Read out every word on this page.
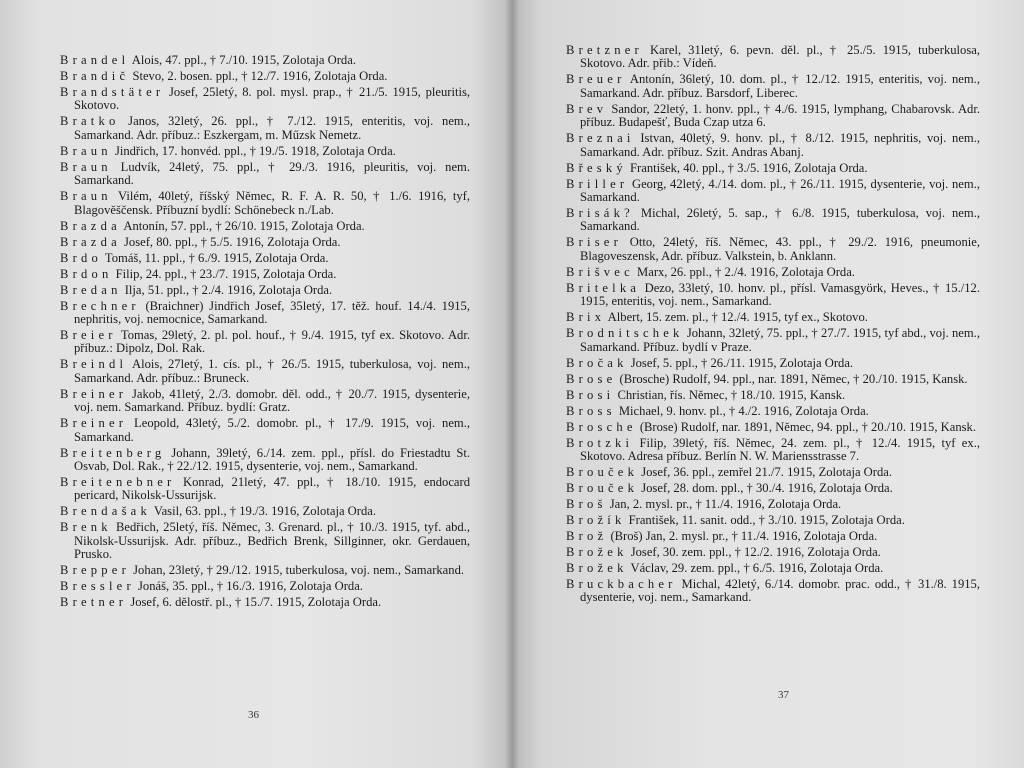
Brandel Alois, 47. ppl., † 7./10. 1915, Zolotaja Orda.
Brandič Stevo, 2. bosen. ppl., † 12./7. 1916, Zolotaja Orda.
Brandstäter Josef, 25letý, 8. pol. mysl. prap., † 21./5. 1915, pleuritis, Skotovo.
Bratko Janos, 32letý, 26. ppl., † 7./12. 1915, enteritis, voj. nem., Samarkand. Adr. příbuz.: Eszkergam, m. Műzsk Nemetz.
Braun Jindřich, 17. honvéd. ppl., † 19./5. 1918, Zolotaja Orda.
Braun Ludvík, 24letý, 75. ppl., † 29./3. 1916, pleuritis, voj. nem. Samarkand.
Braun Vilém, 40letý, říšský Němec, R. F. A. R. 50, † 1./6. 1916, tyf, Blagověščensk. Příbuzní bydlí: Schönebeck n./Lab.
Brazda Antonín, 57. ppl., † 26/10. 1915, Zolotaja Orda.
Brazda Josef, 80. ppl., † 5./5. 1916, Zolotaja Orda.
Brdo Tomáš, 11. ppl., † 6./9. 1915, Zolotaja Orda.
Brdon Filip, 24. ppl., † 23./7. 1915, Zolotaja Orda.
Bredan Ilja, 51. ppl., † 2./4. 1916, Zolotaja Orda.
Brechner (Braichner) Jindřich Josef, 35letý, 17. těž. houf. 14./4. 1915, nephritis, voj. nemocnice, Samarkand.
Breier Tomas, 29letý, 2. pl. pol. houf., † 9./4. 1915, tyf ex. Skotovo. Adr. příbuz.: Dipolz, Dol. Rak.
Breindl Alois, 27letý, 1. cís. pl., † 26./5. 1915, tuberkulosa, voj. nem., Samarkand. Adr. příbuz.: Bruneck.
Breiner Jakob, 41letý, 2./3. domobr. děl. odd., † 20./7. 1915, dysenterie, voj. nem. Samarkand. Příbuz. bydlí: Gratz.
Breiner Leopold, 43letý, 5./2. domobr. pl., † 17./9. 1915, voj. nem., Samarkand.
Breitenberg Johann, 39letý, 6./14. zem. ppl., přísl. do Friestadtu St. Osvab, Dol. Rak., † 22./12. 1915, dysenterie, voj. nem., Samarkand.
Breitenebner Konrad, 21letý, 47. ppl., † 18./10. 1915, endocard pericard, Nikolsk-Ussurijsk.
Brendašak Vasil, 63. ppl., † 19./3. 1916, Zolotaja Orda.
Brenk Bedřich, 25letý, říš. Němec, 3. Grenard. pl., † 10./3. 1915, tyf. abd., Nikolsk-Ussurijsk. Adr. příbuz., Bedřich Brenk, Sillginner, okr. Gerdauen, Prusko.
Brepper Johan, 23letý, † 29./12. 1915, tuberkulosa, voj. nem., Samarkand.
Bressler Jonáš, 35. ppl., † 16./3. 1916, Zolotaja Orda.
Bretner Josef, 6. dělostř. pl., † 15./7. 1915, Zolotaja Orda.
36
Bretzner Karel, 31letý, 6. pevn. děl. pl., † 25./5. 1915, tuberkulosa, Skotovo. Adr. přib.: Vídeň.
Breuer Antonín, 36letý, 10. dom. pl., † 12./12. 1915, enteritis, voj. nem., Samarkand. Adr. příbuz. Barsdorf, Liberec.
Brev Sandor, 22letý, 1. honv. ppl., † 4./6. 1915, lymphang, Chabarovsk. Adr. příbuz. Budapešť, Buda Czap utza 6.
Breznai Istvan, 40letý, 9. honv. pl., † 8./12. 1915, nephritis, voj. nem., Samarkand. Adr. příbuz. Szit. Andras Abanj.
Břeský František, 40. ppl., † 3./5. 1916, Zolotaja Orda.
Briller Georg, 42letý, 4./14. dom. pl., † 26./11. 1915, dysenterie, voj. nem., Samarkand.
Brisák? Michal, 26letý, 5. sap., † 6./8. 1915, tuberkulosa, voj. nem., Samarkand.
Briser Otto, 24letý, říš. Němec, 43. ppl., † 29./2. 1916, pneumonie, Blagoveszensk, Adr. příbuz. Valkstein, b. Anklann.
Brišvec Marx, 26. ppl., † 2./4. 1916, Zolotaja Orda.
Britelka Dezo, 33letý, 10. honv. pl., přísl. Vamasgyörk, Heves., † 15./12. 1915, enteritis, voj. nem., Samarkand.
Brix Albert, 15. zem. pl., † 12./4. 1915, tyf ex., Skotovo.
Brodnitschek Johann, 32letý, 75. ppl., † 27./7. 1915, tyf abd., voj. nem., Samarkand. Příbuz. bydlí v Praze.
Bročak Josef, 5. ppl., † 26./11. 1915, Zolotaja Orda.
Brose (Brosche) Rudolf, 94. ppl., nar. 1891, Němec, † 20./10. 1915, Kansk.
Brosi Christian, řís. Němec, † 18./10. 1915, Kansk.
Bross Michael, 9. honv. pl., † 4./2. 1916, Zolotaja Orda.
Brosche (Brose) Rudolf, nar. 1891, Němec, 94. ppl., † 20./10. 1915, Kansk.
Brotzki Filip, 39letý, říš. Němec, 24. zem. pl., † 12./4. 1915, tyf ex., Skotovo. Adresa příbuz. Berlín N. W. Mariensstrasse 7.
Brouček Josef, 36. ppl., zemřel 21./7. 1915, Zolotaja Orda.
Brouček Josef, 28. dom. ppl., † 30./4. 1916, Zolotaja Orda.
Broš Jan, 2. mysl. pr., † 11./4. 1916, Zolotaja Orda.
Brožík František, 11. sanit. odd., † 3./10. 1915, Zolotaja Orda.
Brož (Broš) Jan, 2. mysl. pr., † 11./4. 1916, Zolotaja Orda.
Brožek Josef, 30. zem. ppl., † 12./2. 1916, Zolotaja Orda.
Brožek Václav, 29. zem. ppl., † 6./5. 1916, Zolotaja Orda.
Bruckbacher Michal, 42letý, 6./14. domobr. prac. odd., † 31./8. 1915, dysenterie, voj. nem., Samarkand.
37
